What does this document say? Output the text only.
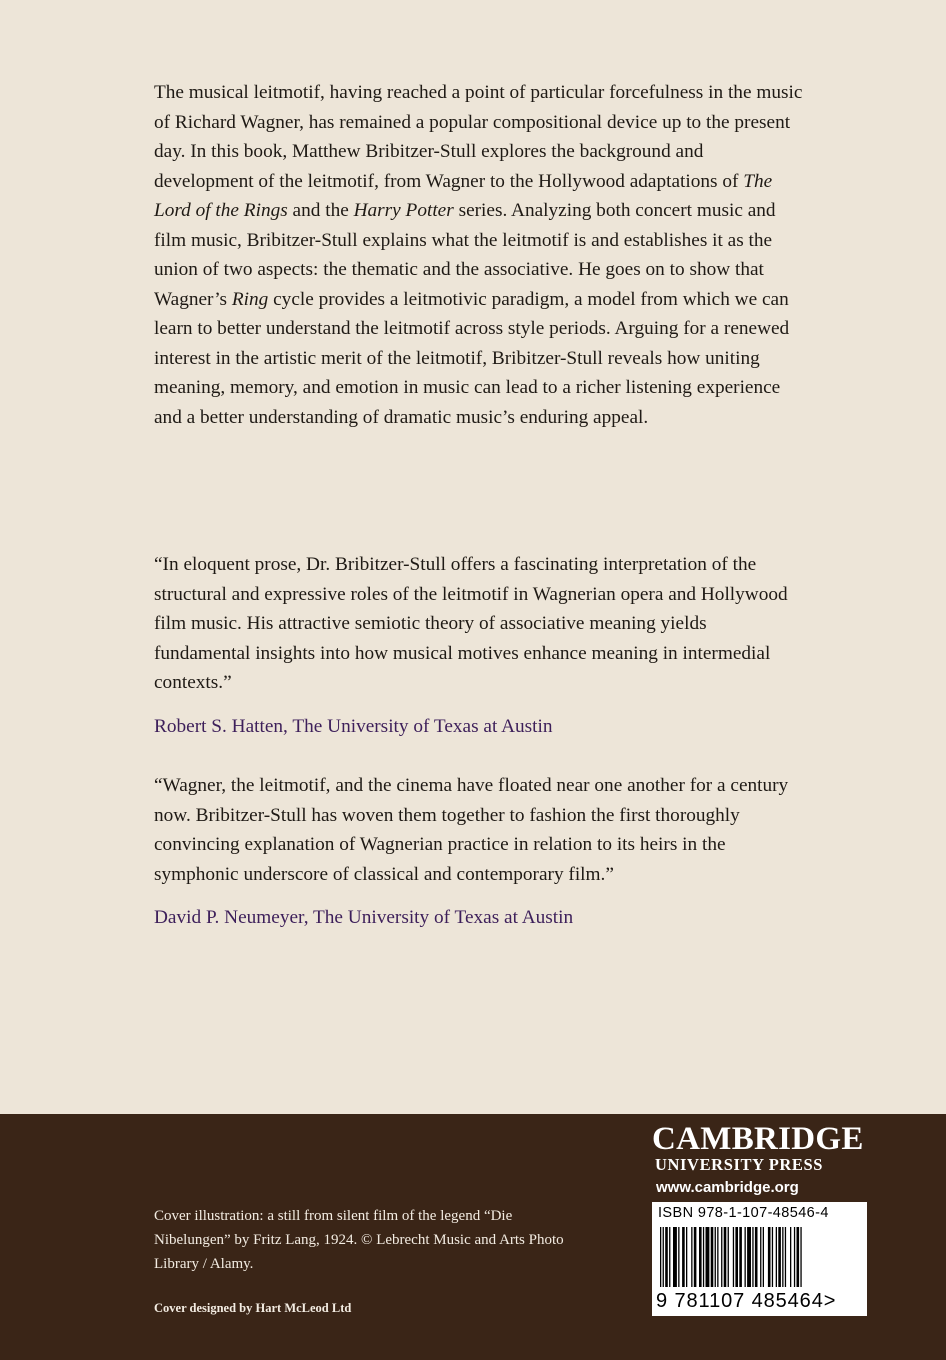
The musical leitmotif, having reached a point of particular forcefulness in the music of Richard Wagner, has remained a popular compositional device up to the present day. In this book, Matthew Bribitzer-Stull explores the background and development of the leitmotif, from Wagner to the Hollywood adaptations of The Lord of the Rings and the Harry Potter series. Analyzing both concert music and film music, Bribitzer-Stull explains what the leitmotif is and establishes it as the union of two aspects: the thematic and the associative. He goes on to show that Wagner’s Ring cycle provides a leitmotivic paradigm, a model from which we can learn to better understand the leitmotif across style periods. Arguing for a renewed interest in the artistic merit of the leitmotif, Bribitzer-Stull reveals how uniting meaning, memory, and emotion in music can lead to a richer listening experience and a better understanding of dramatic music’s enduring appeal.

“In eloquent prose, Dr. Bribitzer-Stull offers a fascinating interpretation of the structural and expressive roles of the leitmotif in Wagnerian opera and Hollywood film music. His attractive semiotic theory of associative meaning yields fundamental insights into how musical motives enhance meaning in intermedial contexts.”

Robert S. Hatten, The University of Texas at Austin

“Wagner, the leitmotif, and the cinema have floated near one another for a century now. Bribitzer-Stull has woven them together to fashion the first thoroughly convincing explanation of Wagnerian practice in relation to its heirs in the symphonic underscore of classical and contemporary film.”

David P. Neumeyer, The University of Texas at Austin

Cover illustration: a still from silent film of the legend “Die Nibelungen” by Fritz Lang, 1924. © Lebrecht Music and Arts Photo Library / Alamy.

Cover designed by Hart McLeod Ltd

CAMBRIDGE
UNIVERSITY PRESS
www.cambridge.org
ISBN 978-1-107-48546-4
9 781107 485464>
